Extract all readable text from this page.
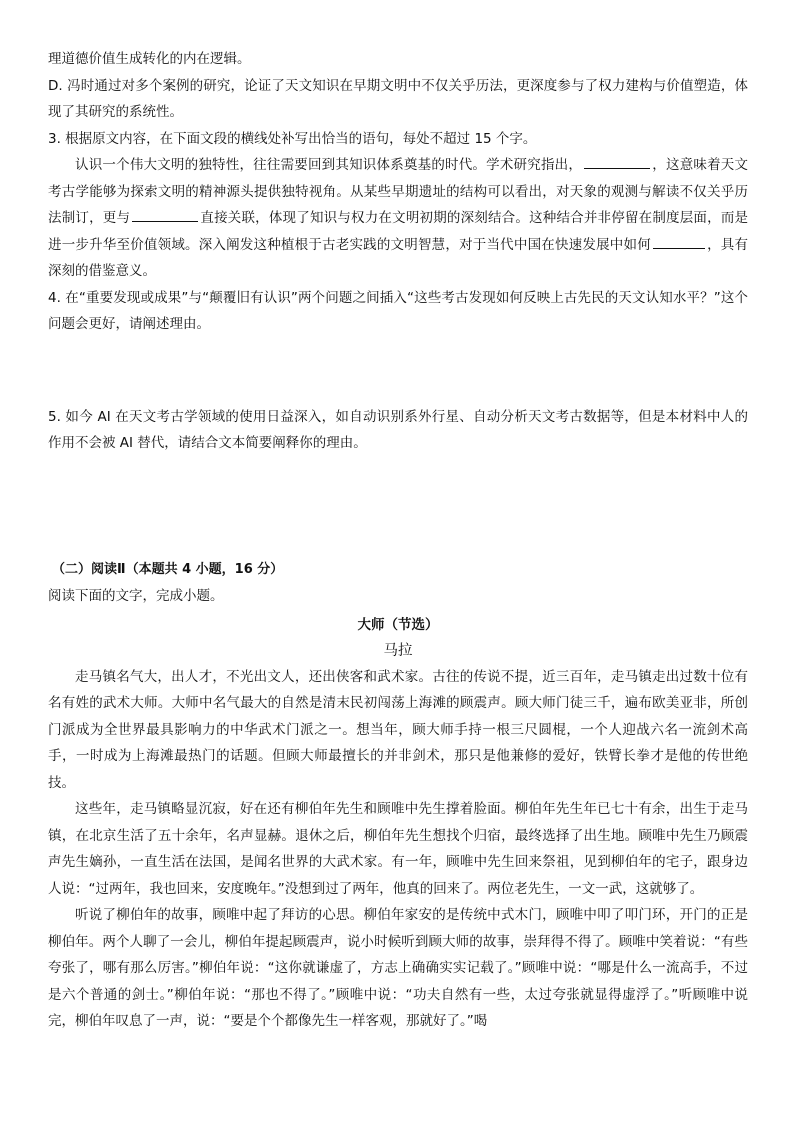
理道德价值生成转化的内在逻辑。

D. 冯时通过对多个案例的研究，论证了天文知识在早期文明中不仅关乎历法，更深度参与了权力建构与价值塑造，体现了其研究的系统性。

3. 根据原文内容，在下面文段的横线处补写出恰当的语句，每处不超过 15 个字。

认识一个伟大文明的独特性，往往需要回到其知识体系奠基的时代。学术研究指出，	，这意味着天文考古学能够为探索文明的精神源头提供独特视角。从某些早期遗址的结构可以看出，对天象的观测与解读不仅关乎历法制订，更与	直接关联，体现了知识与权力在文明初期的深刻结合。这种结合并非停留在制度层面，而是进一步升华至价值领域。深入阐发这种植根于古老实践的文明智慧，对于当代中国在快速发展中如何	，具有深刻的借鉴意义。

4. 在“重要发现或成果”与“颠覆旧有认识”两个问题之间插入“这些考古发现如何反映上古先民的天文认知水平？”这个问题会更好，请阐述理由。

5. 如今 AI 在天文考古学领域的使用日益深入，如自动识别系外行星、自动分析天文考古数据等，但是本材料中人的作用不会被 AI 替代，请结合文本简要阐释你的理由。

（二）阅读Ⅱ（本题共 4 小题，16 分）

阅读下面的文字，完成小题。

大师（节选）

马拉

走马镇名气大，出人才，不光出文人，还出侠客和武术家。古往的传说不提，近三百年，走马镇走出过数十位有名有姓的武术大师。大师中名气最大的自然是清末民初闯荡上海滩的顾震声。顾大师门徒三千，遍布欧美亚非，所创门派成为全世界最具影响力的中华武术门派之一。想当年，顾大师手持一根三尺圆棍，一个人迎战六名一流剑术高手，一时成为上海滩最热门的话题。但顾大师最擅长的并非剑术，那只是他兼修的爱好，铁臂长拳才是他的传世绝技。

这些年，走马镇略显沉寂，好在还有柳伯年先生和顾唯中先生撑着脸面。柳伯年先生年已七十有余，出生于走马镇，在北京生活了五十余年，名声显赫。退休之后，柳伯年先生想找个归宿，最终选择了出生地。顾唯中先生乃顾震声先生嫡孙，一直生活在法国，是闻名世界的大武术家。有一年，顾唯中先生回来祭祖，见到柳伯年的宅子，跟身边人说：“过两年，我也回来，安度晚年。”没想到过了两年，他真的回来了。两位老先生，一文一武，这就够了。

听说了柳伯年的故事，顾唯中起了拜访的心思。柳伯年家安的是传统中式木门，顾唯中叩了叩门环，开门的正是柳伯年。两个人聊了一会儿，柳伯年提起顾震声，说小时候听到顾大师的故事，崇拜得不得了。顾唯中笑着说：“有些夸张了，哪有那么厉害。”柳伯年说：“这你就谦虚了，方志上确确实实记载了。”顾唯中说：“哪是什么一流高手，不过是六个普通的剑士。”柳伯年说：“那也不得了。”顾唯中说：“功夫自然有一些，太过夸张就显得虚浮了。”听顾唯中说完，柳伯年叹息了一声，说：“要是个个都像先生一样客观，那就好了。”喝
